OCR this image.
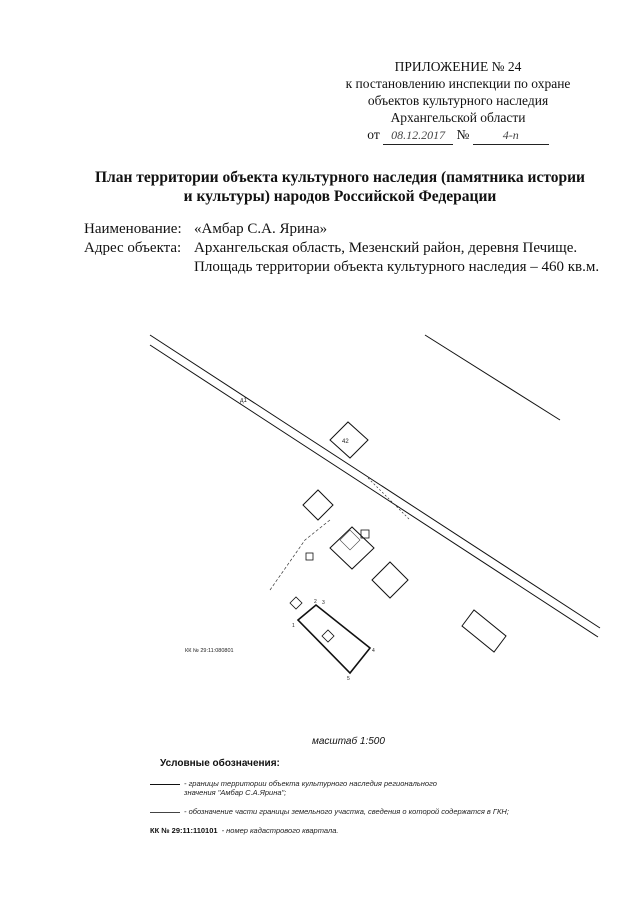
ПРИЛОЖЕНИЕ № 24
к постановлению инспекции по охране
объектов культурного наследия
Архангельской области
от 08.12.2017 №	4-п
План территории объекта культурного наследия (памятника истории
и культуры) народов Российской Федерации
Наименование: «Амбар С.А. Ярина»
Адрес объекта: Архангельская область, Мезенский район, деревня Печище.
Площадь территории объекта культурного наследия – 460 кв.м.
д1
42
1
2 3
4
5
КК № 29:11:080801
масштаб 1:500
Условные обозначения:
- границы территории объекта культурного наследия регионального значения "Амбар С.А.Ярина";
- обозначение части границы земельного участка, сведения о которой содержатся в ГКН;
КК № 29:11:110101 - номер кадастрового квартала.
